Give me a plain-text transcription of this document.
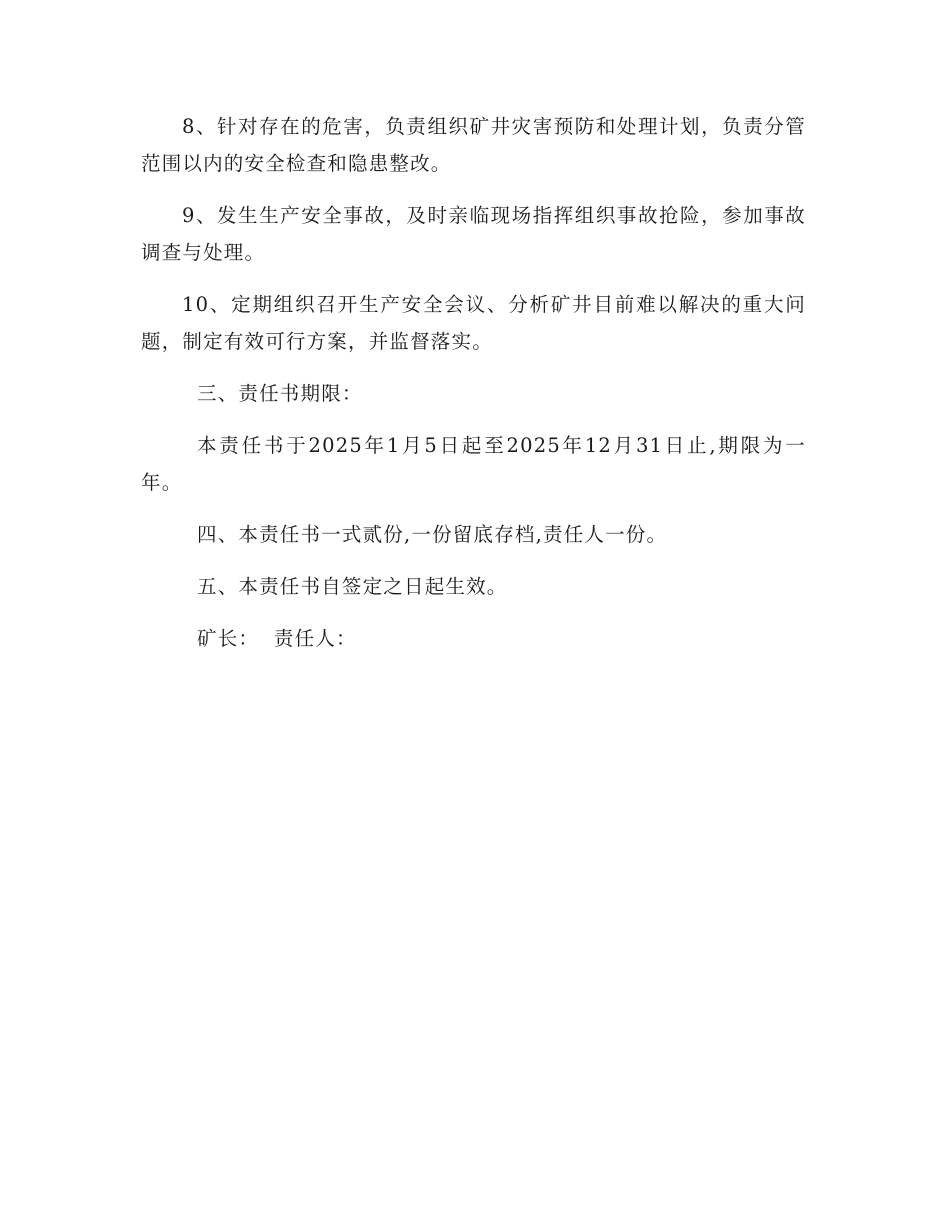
8、针对存在的危害，负责组织矿井灾害预防和处理计划，负责分管范围以内的安全检查和隐患整改。

9、发生生产安全事故，及时亲临现场指挥组织事故抢险，参加事故调查与处理。

10、定期组织召开生产安全会议、分析矿井目前难以解决的重大问题，制定有效可行方案，并监督落实。

三、责任书期限：

本责任书于2025年1月5日起至2025年12月31日止,期限为一年。

四、本责任书一式贰份,一份留底存档,责任人一份。

五、本责任书自签定之日起生效。

矿长：  责任人：
